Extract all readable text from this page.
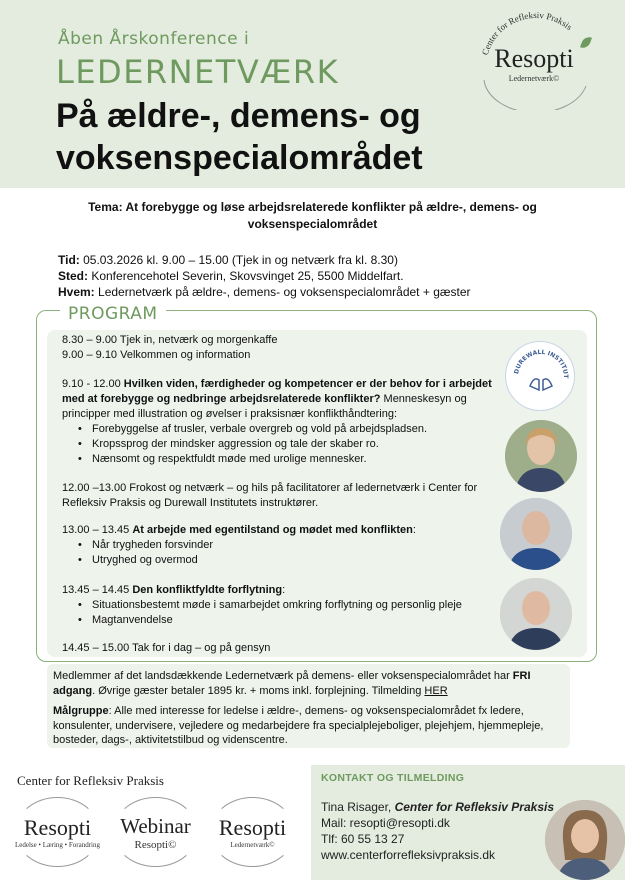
Åben Årskonference i
LEDERNETVÆRK
På ældre-, demens- og voksenspecialområdet
Center for Refleksiv Praksis
Resopti
Ledernetværk©
Tema: At forebygge og løse arbejdsrelaterede konflikter på ældre-, demens- og voksenspecialområdet
Tid: 05.03.2026 kl. 9.00 – 15.00 (Tjek in og netværk fra kl. 8.30)
Sted: Konferencehotel Severin, Skovsvinget 25, 5500 Middelfart.
Hvem: Ledernetværk på ældre-, demens- og voksenspecialområdet + gæster
PROGRAM
8.30 – 9.00 Tjek in, netværk og morgenkaffe
9.00 – 9.10 Velkommen og information
9.10 - 12.00 Hvilken viden, færdigheder og kompetencer er der behov for i arbejdet med at forebygge og nedbringe arbejdsrelaterede konflikter? Menneskesyn og principper med illustration og øvelser i praksisnær konflikthåndtering:
• Forebyggelse af trusler, verbale overgreb og vold på arbejdspladsen.
• Kropssprog der mindsker aggression og tale der skaber ro.
• Nænsomt og respektfuldt møde med urolige mennesker.
12.00 –13.00 Frokost og netværk – og hils på facilitatorer af ledernetværk i Center for Refleksiv Praksis og Durewall Institutets instruktører.
13.00 – 13.45 At arbejde med egentilstand og mødet med konflikten:
• Når trygheden forsvinder
• Utryghed og overmod
13.45 – 14.45 Den konfliktfyldte forflytning:
• Situationsbestemt møde i samarbejdet omkring forflytning og personlig pleje
• Magtanvendelse
14.45 – 15.00 Tak for i dag – og på gensyn
DUREWALL INSTITUT
Medlemmer af det landsdækkende Ledernetværk på demens- eller voksenspecialområdet har FRI adgang. Øvrige gæster betaler 1895 kr. + moms inkl. forplejning. Tilmelding HER
Målgruppe: Alle med interesse for ledelse i ældre-, demens- og voksenspecialområdet fx ledere, konsulenter, undervisere, vejledere og medarbejdere fra specialplejeboliger, plejehjem, hjemmepleje, bosteder, dags-, aktivitetstilbud og videnscentre.
Center for Refleksiv Praksis
Resopti
Ledelse • Læring • Forandring
Webinar
Resopti©
Resopti
Ledernetværk©
KONTAKT OG TILMELDING
Tina Risager, Center for Refleksiv Praksis
Mail: resopti@resopti.dk
Tlf: 60 55 13 27
www.centerforrefleksivpraksis.dk
